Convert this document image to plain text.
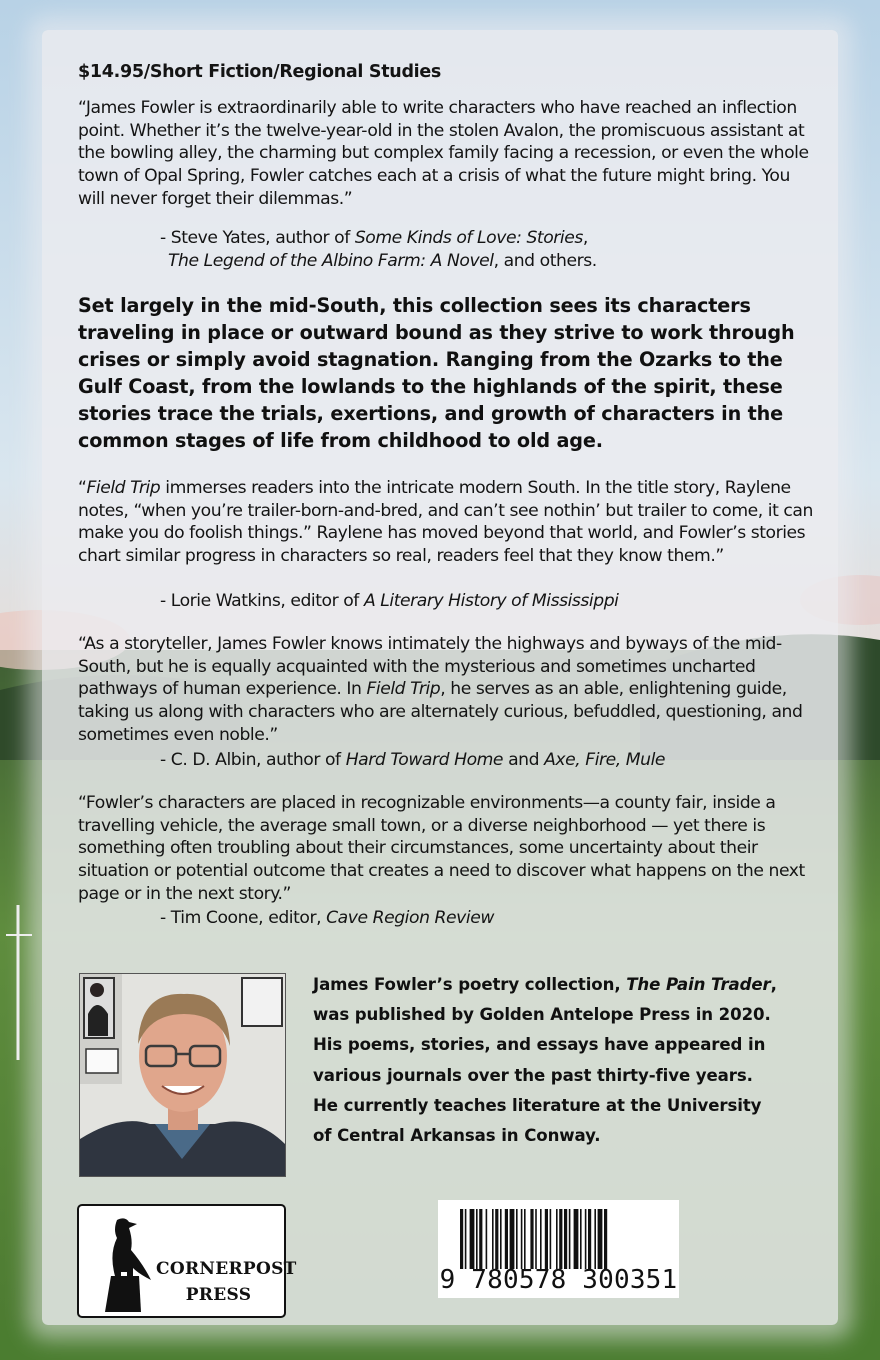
$14.95/Short Fiction/Regional Studies
“James Fowler is extraordinarily able to write characters who have reached an inflection point. Whether it’s the twelve-year-old in the stolen Avalon, the promiscuous assistant at the bowling alley, the charming but complex family facing a recession, or even the whole town of Opal Spring, Fowler catches each at a crisis of what the future might bring. You will never forget their dilemmas.”
- Steve Yates, author of Some Kinds of Love: Stories,
The Legend of the Albino Farm: A Novel, and others.
Set largely in the mid-South, this collection sees its characters traveling in place or outward bound as they strive to work through crises or simply avoid stagnation. Ranging from the Ozarks to the Gulf Coast, from the lowlands to the highlands of the spirit, these stories trace the trials, exertions, and growth of characters in the common stages of life from childhood to old age.
“Field Trip immerses readers into the intricate modern South. In the title story, Raylene notes, “when you’re trailer-born-and-bred, and can’t see nothin’ but trailer to come, it can make you do foolish things.” Raylene has moved beyond that world, and Fowler’s stories chart similar progress in characters so real, readers feel that they know them.”
- Lorie Watkins, editor of A Literary History of Mississippi
“As a storyteller, James Fowler knows intimately the highways and byways of the mid-South, but he is equally acquainted with the mysterious and sometimes uncharted pathways of human experience. In Field Trip, he serves as an able, enlightening guide, taking us along with characters who are alternately curious, befuddled, questioning, and sometimes even noble.”
- C. D. Albin, author of Hard Toward Home and Axe, Fire, Mule
“Fowler’s characters are placed in recognizable environments—a county fair, inside a travelling vehicle, the average small town, or a diverse neighborhood — yet there is something often troubling about their circumstances, some uncertainty about their situation or potential outcome that creates a need to discover what happens on the next page or in the next story.”
- Tim Coone, editor, Cave Region Review
James Fowler’s poetry collection, The Pain Trader, was published by Golden Antelope Press in 2020. His poems, stories, and essays have appeared in various journals over the past thirty-five years. He currently teaches literature at the University of Central Arkansas in Conway.
CORNERPOST
PRESS	9 780578 300351
